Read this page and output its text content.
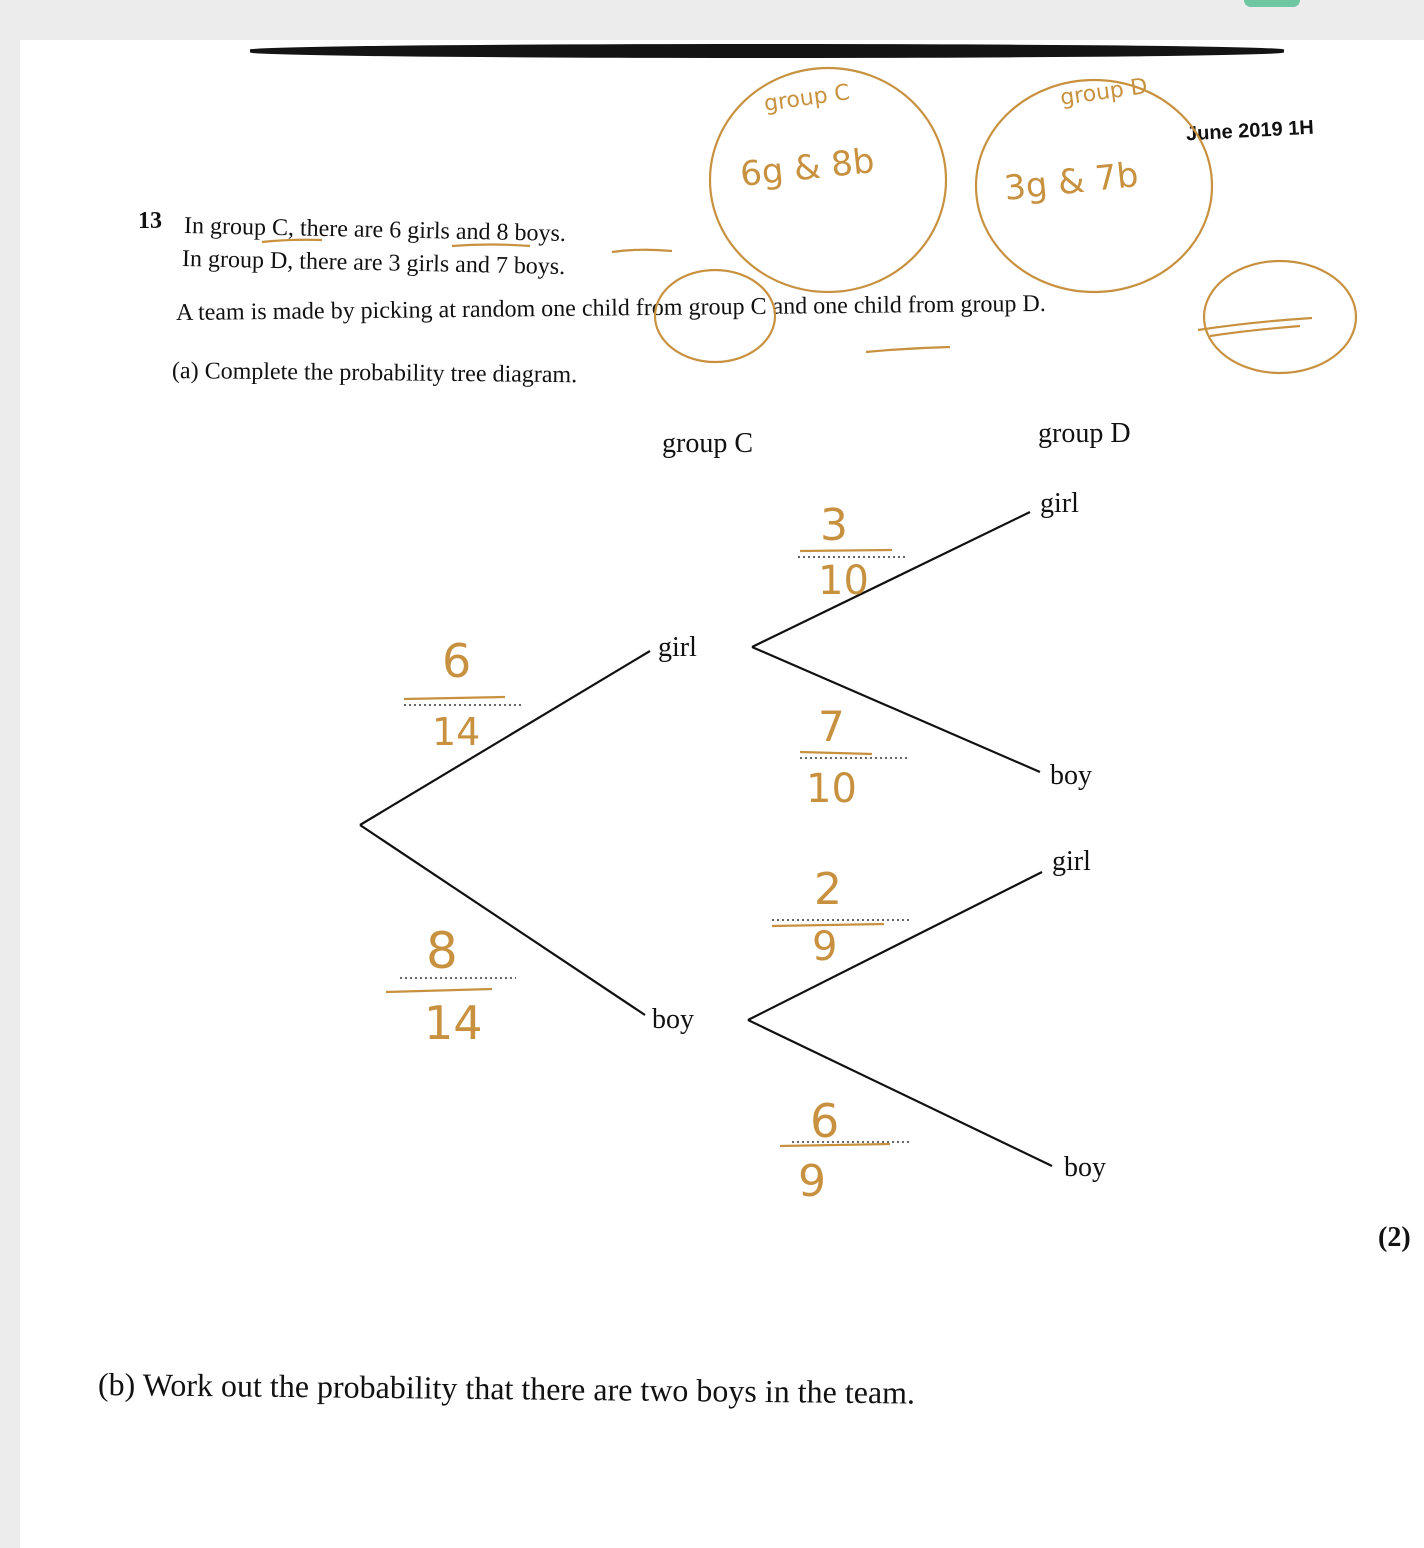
June 2019 1H
13 In group C, there are 6 girls and 8 boys.
In group D, there are 3 girls and 7 boys.
A team is made by picking at random one child from group C and one child from group D.
(a) Complete the probability tree diagram.
group C	group D
girl
boy
girl
boy
girl
boy
(2)
(b) Work out the probability that there are two boys in the team.
group C
6g & 8b
group D
3g & 7b
6
14
8
14
3
10
7
10
2
9
6
9
